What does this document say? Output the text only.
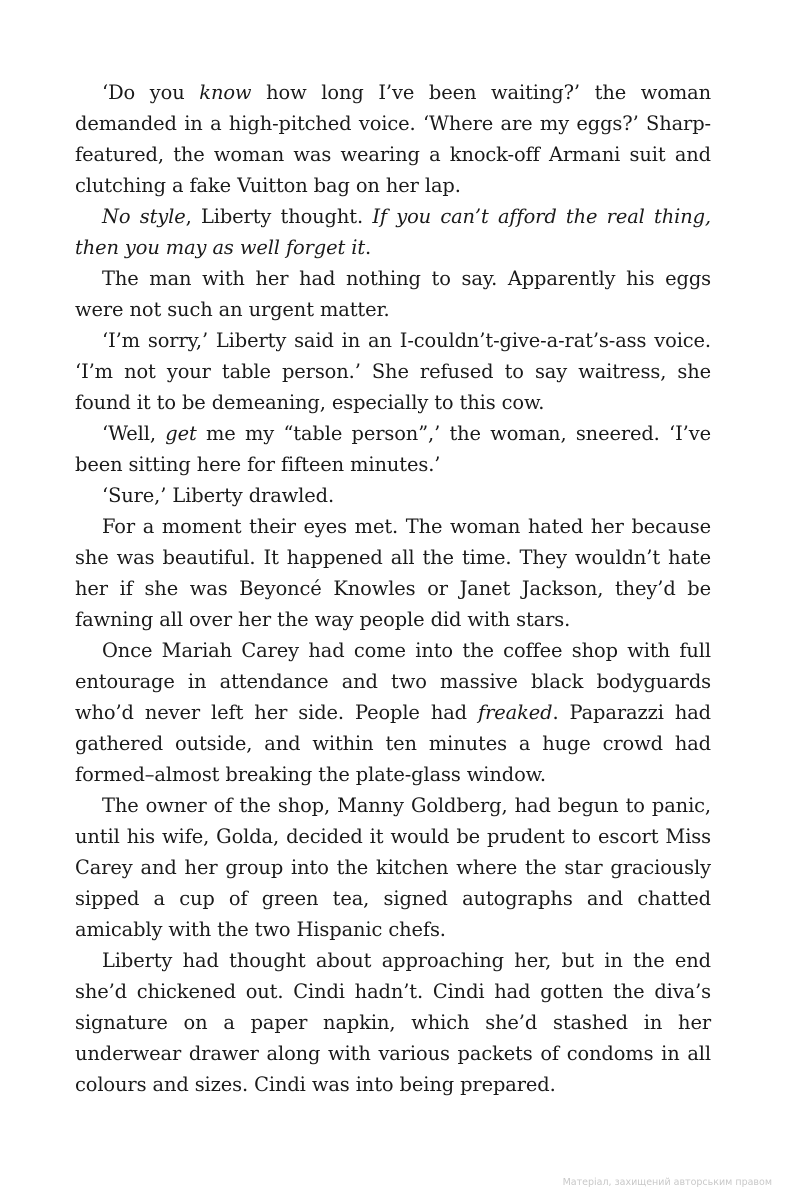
‘Do you know how long I’ve been waiting?’ the woman demanded in a high-pitched voice. ‘Where are my eggs?’ Sharp-featured, the woman was wearing a knock-off Armani suit and clutching a fake Vuitton bag on her lap.

No style, Liberty thought. If you can’t afford the real thing, then you may as well forget it.

The man with her had nothing to say. Apparently his eggs were not such an urgent matter.

‘I’m sorry,’ Liberty said in an I-couldn’t-give-a-rat’s-ass voice. ‘I’m not your table person.’ She refused to say waitress, she found it to be demeaning, especially to this cow.

‘Well, get me my “table person”,’ the woman, sneered. ‘I’ve been sitting here for fifteen minutes.’

‘Sure,’ Liberty drawled.

For a moment their eyes met. The woman hated her because she was beautiful. It happened all the time. They wouldn’t hate her if she was Beyoncé Knowles or Janet Jackson, they’d be fawning all over her the way people did with stars.

Once Mariah Carey had come into the coffee shop with full entourage in attendance and two massive black bodyguards who’d never left her side. People had freaked. Paparazzi had gathered outside, and within ten minutes a huge crowd had formed–almost breaking the plate-glass window.

The owner of the shop, Manny Goldberg, had begun to panic, until his wife, Golda, decided it would be prudent to escort Miss Carey and her group into the kitchen where the star graciously sipped a cup of green tea, signed autographs and chatted amicably with the two Hispanic chefs.

Liberty had thought about approaching her, but in the end she’d chickened out. Cindi hadn’t. Cindi had gotten the diva’s signature on a paper napkin, which she’d stashed in her underwear drawer along with various packets of condoms in all colours and sizes. Cindi was into being prepared.

Матеріал, захищений авторським правом
